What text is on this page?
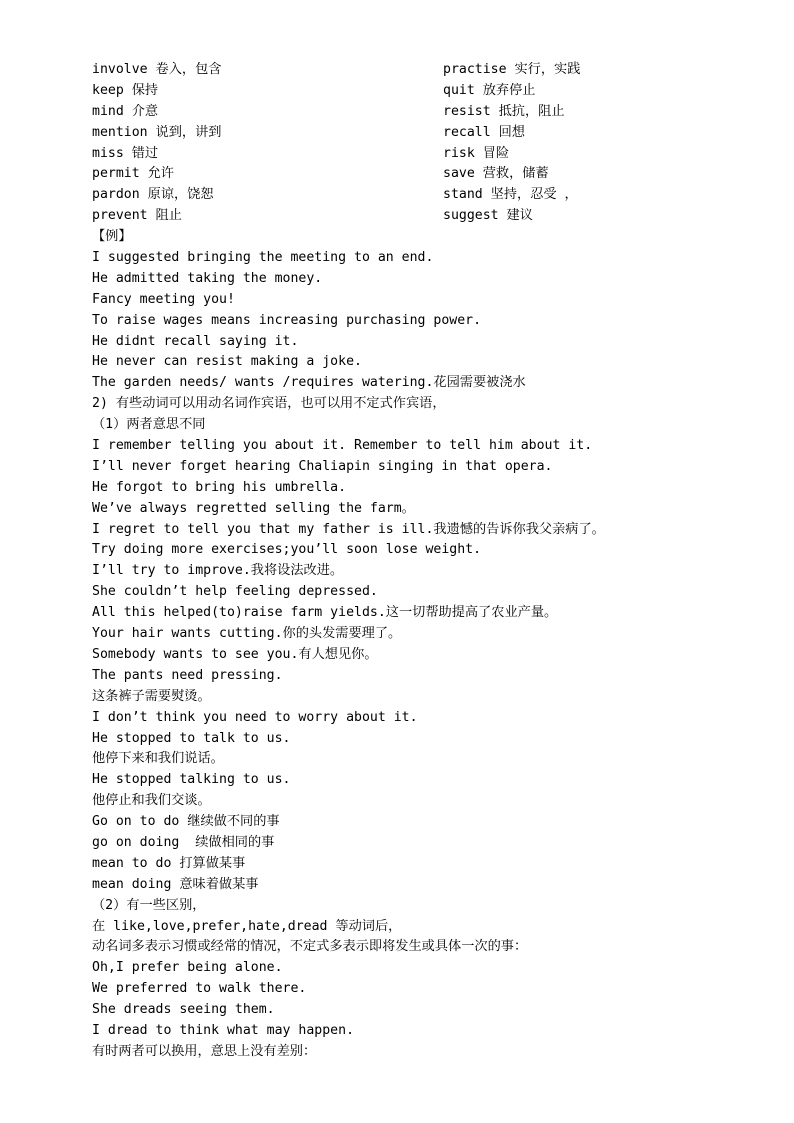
involve 卷入，包含
keep 保持
mind 介意
mention 说到，讲到
miss 错过
permit 允许
pardon 原谅，饶恕
prevent 阻止
practise 实行，实践
quit 放弃停止
resist 抵抗，阻止
recall 回想
risk 冒险
save 营救，储蓄
stand 坚持，忍受 ，
suggest 建议
【例】
I suggested bringing the meeting to an end.
He admitted taking the money.
Fancy meeting you!
To raise wages means increasing purchasing power.
He didnt recall saying it.
He never can resist making a joke.
The garden needs/ wants /requires watering.花园需要被浇水
2) 有些动词可以用动名词作宾语，也可以用不定式作宾语，
（1）两者意思不同
I remember telling you about it. Remember to tell him about it.
I’ll never forget hearing Chaliapin singing in that opera.
He forgot to bring his umbrella.
We’ve always regretted selling the farm。
I regret to tell you that my father is ill.我遗憾的告诉你我父亲病了。
Try doing more exercises;you’ll soon lose weight.
I’ll try to improve.我将设法改进。
She couldn’t help feeling depressed.
All this helped(to)raise farm yields.这一切帮助提高了农业产量。
Your hair wants cutting.你的头发需要理了。
Somebody wants to see you.有人想见你。
The pants need pressing.
这条裤子需要熨烫。
I don’t think you need to worry about it.
He stopped to talk to us.
他停下来和我们说话。
He stopped talking to us.
他停止和我们交谈。
Go on to do 继续做不同的事
go on doing  续做相同的事
mean to do 打算做某事
mean doing 意味着做某事
（2）有一些区别，
在 like,love,prefer,hate,dread 等动词后，
动名词多表示习惯或经常的情况，不定式多表示即将发生或具体一次的事：
Oh,I prefer being alone.
We preferred to walk there.
She dreads seeing them.
I dread to think what may happen.
有时两者可以换用，意思上没有差别：
